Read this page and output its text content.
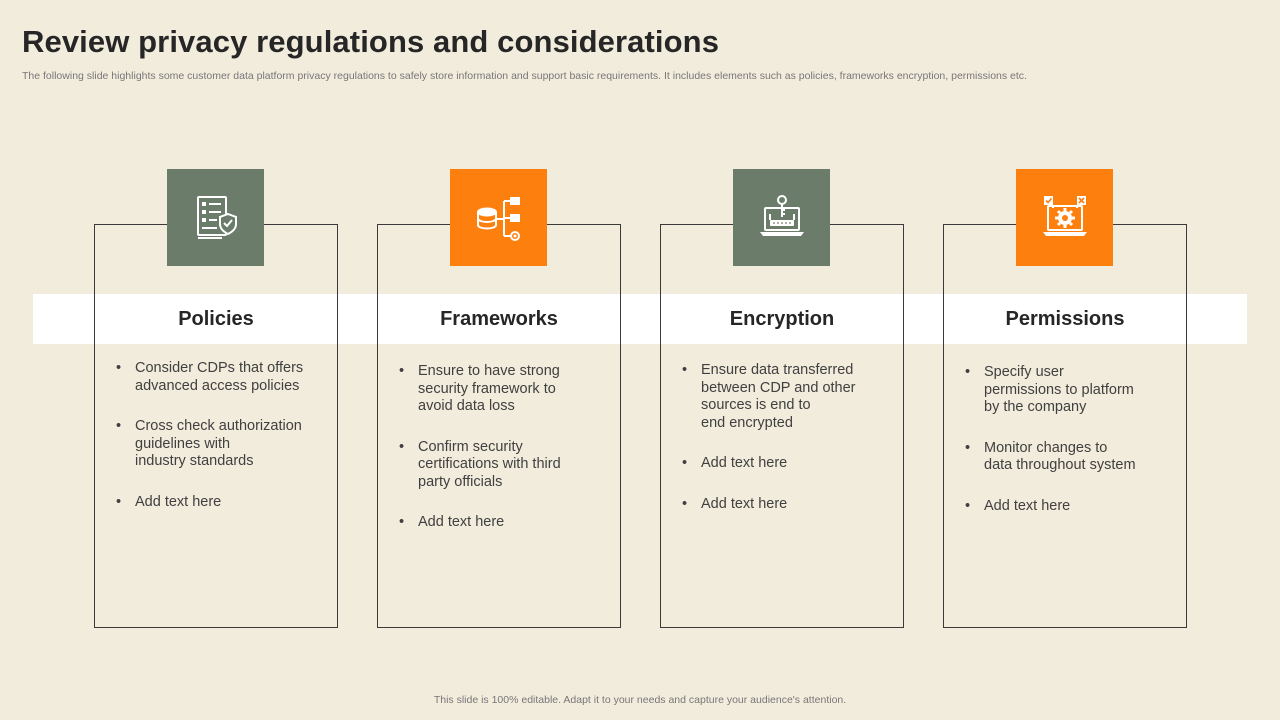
Review privacy regulations and considerations
The following slide highlights some customer data platform privacy regulations to safely store information and support basic requirements. It includes elements such as policies, frameworks encryption, permissions etc.
Policies
• Consider CDPs that offers
advanced access policies
• Cross check authorization
guidelines with
industry standards
• Add text here
Frameworks
• Ensure to have strong
security framework to
avoid data loss
• Confirm security
certifications with third
party officials
• Add text here
Encryption
• Ensure data transferred
between CDP and other
sources is end to
end encrypted
• Add text here
• Add text here
Permissions
• Specify user
permissions to platform
by the company
• Monitor changes to
data throughout system
• Add text here
This slide is 100% editable. Adapt it to your needs and capture your audience's attention.
